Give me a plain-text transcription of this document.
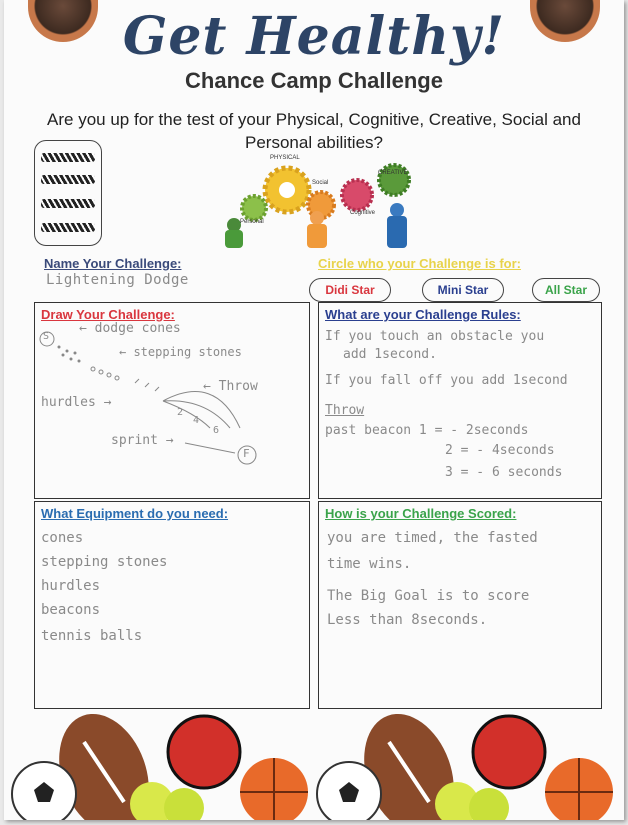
Get Healthy!
Chance Camp Challenge
Are you up for the test of your Physical, Cognitive, Creative, Social and Personal abilities?
PHYSICAL
Social
CREATIVE
Personal
Cognitive
Name Your Challenge:
Lightening Dodge
Circle who your Challenge is for:
Didi Star	Mini Star	All Star
Draw Your Challenge:
← dodge cones
← stepping stones
← Throw
hurdles →
sprint →
2
4
6
S
F
What are your Challenge Rules:
If you touch an obstacle you
add 1second.
If you fall off you add 1second
Throw
past beacon 1 = - 2seconds
2 = - 4seconds
3 = - 6 seconds
What Equipment do you need:
cones
stepping stones
hurdles
beacons
tennis balls
How is your Challenge Scored:
you are timed, the fasted
time wins.
The Big Goal is to score
Less than 8seconds.
